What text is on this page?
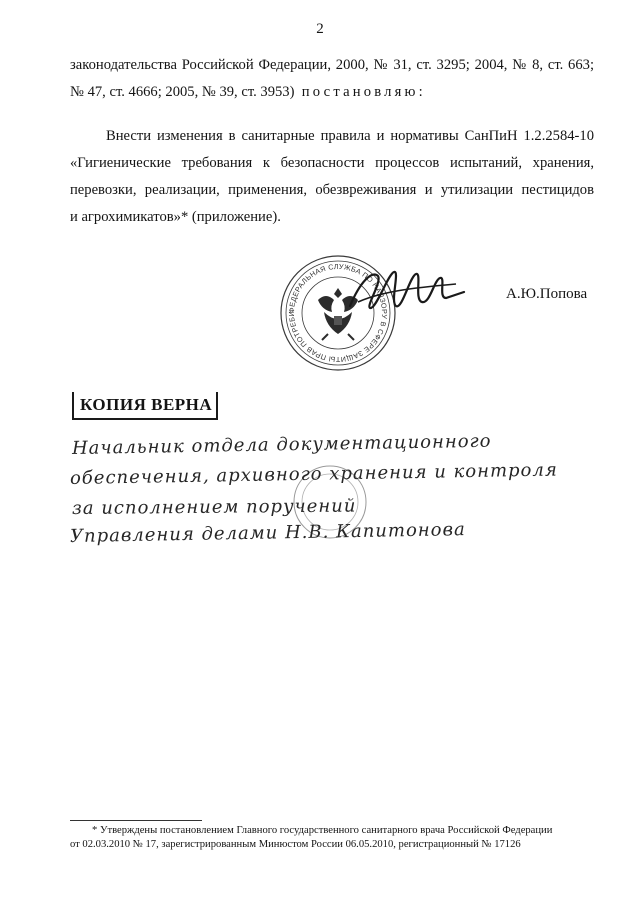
2
законодательства Российской Федерации, 2000, № 31, ст. 3295; 2004, № 8, ст. 663;
№ 47, ст. 4666; 2005, № 39, ст. 3953) постановляю:
Внести изменения в санитарные правила и нормативы СанПиН 1.2.2584-10
«Гигиенические требования к безопасности процессов испытаний, хранения,
перевозки, реализации, применения, обезвреживания и утилизации пестицидов
и агрохимикатов»* (приложение).
ФЕДЕРАЛЬНАЯ СЛУЖБА ПО НАДЗОРУ В СФЕРЕ ЗАЩИТЫ ПРАВ ПОТРЕБИТЕЛЕЙ И БЛАГОПОЛУЧИЯ ЧЕЛОВЕКА (РОСПОТРЕБНАДЗОР)
А.Ю.Попова
КОПИЯ ВЕРНА
Начальник отдела документационного
обеспечения, архивного хранения и контроля
за исполнением поручений
Управления делами Н.В. Капитонова
* Утверждены постановлением Главного государственного санитарного врача Российской Федерации
от 02.03.2010 № 17, зарегистрированным Минюстом России 06.05.2010, регистрационный № 17126
